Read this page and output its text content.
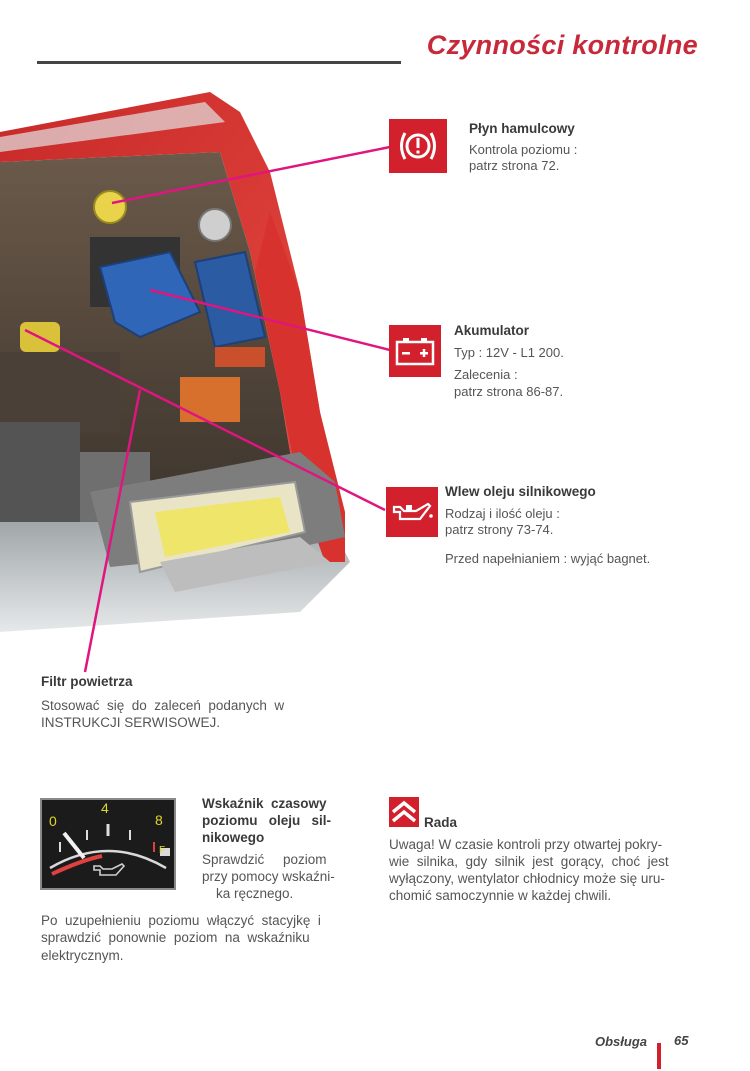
Czynności kontrolne
Płyn hamulcowy
Kontrola poziomu :
patrz strona 72.
Akumulator
Typ : 12V - L1 200.
Zalecenia :
patrz strona 86-87.
Wlew oleju silnikowego
Rodzaj i ilość oleju :
patrz strony 73-74.
Przed napełnianiem : wyjąć bagnet.
Filtr powietrza
Stosować  się  do  zaleceń  podanych  w
INSTRUKCJI SERWISOWEJ.
0
4
8
F
Wskaźnik  czasowy
poziomu   oleju   sil-
nikowego
Sprawdzić     poziom
przy pomocy wskaźni-
ka ręcznego.
Po  uzupełnieniu  poziomu  włączyć  stacyjkę  i
sprawdzić  ponownie  poziom  na  wskaźniku
elektrycznym.
Rada
Uwaga! W czasie kontroli przy otwartej pokry-
wie  silnika,  gdy  silnik  jest  gorący,  choć  jest
wyłączony, wentylator chłodnicy może się uru-
chomić samoczynnie w każdej chwili.
Obsługa 65
